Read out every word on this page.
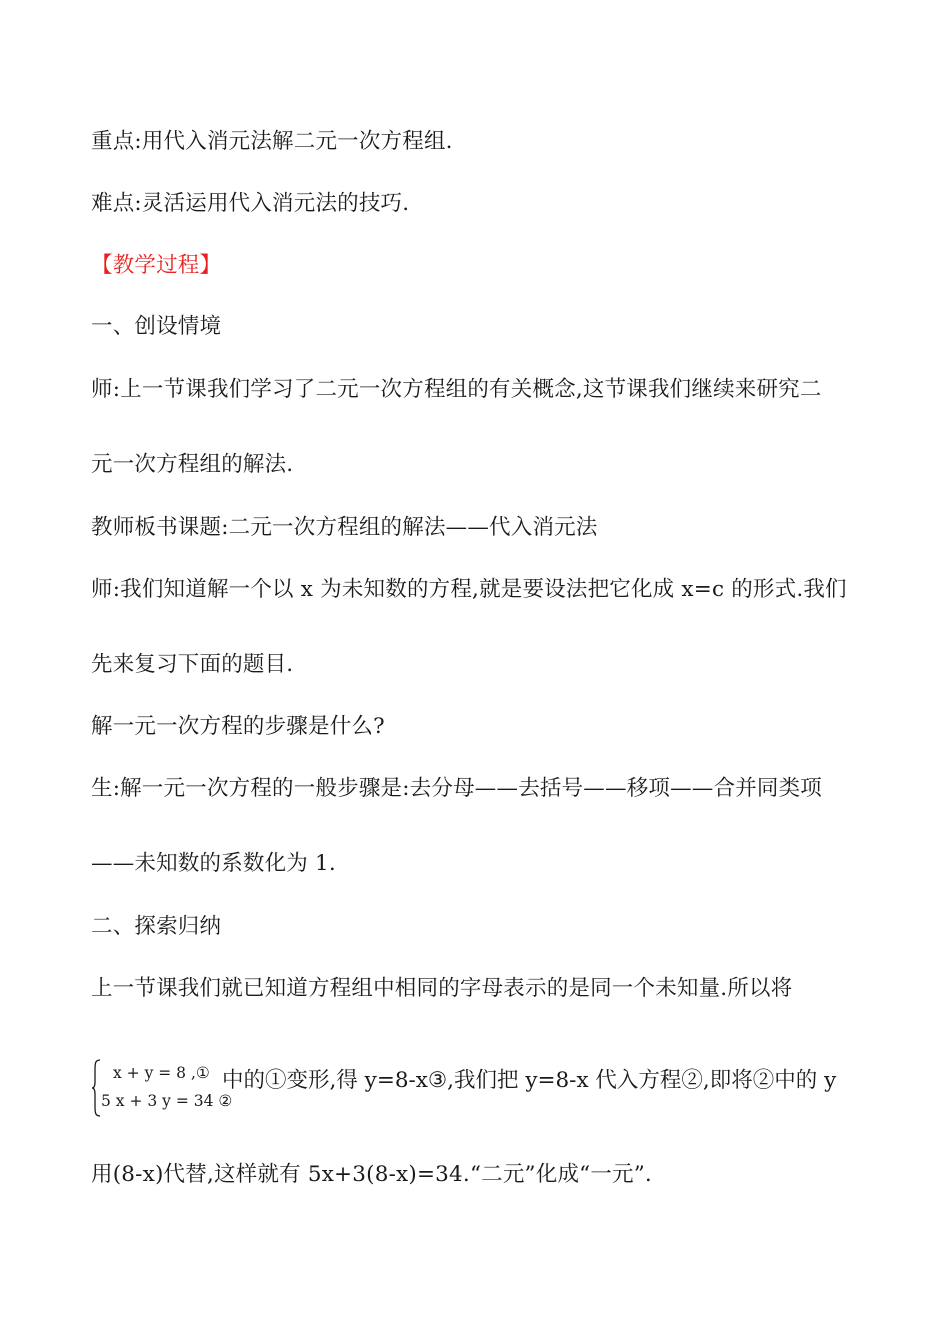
重点:用代入消元法解二元一次方程组.
难点:灵活运用代入消元法的技巧.
【教学过程】
一、创设情境
师:上一节课我们学习了二元一次方程组的有关概念,这节课我们继续来研究二
元一次方程组的解法.
教师板书课题:二元一次方程组的解法——代入消元法
师:我们知道解一个以 x 为未知数的方程,就是要设法把它化成 x=c 的形式.我们
先来复习下面的题目.
解一元一次方程的步骤是什么?
生:解一元一次方程的一般步骤是:去分母——去括号——移项——合并同类项
——未知数的系数化为 1.
二、探索归纳
上一节课我们就已知道方程组中相同的字母表示的是同一个未知量.所以将
x + y = 8 ,①
5 x + 3 y = 34 ②
中的①变形,得 y=8-x③,我们把 y=8-x 代入方程②,即将②中的 y
用(8-x)代替,这样就有 5x+3(8-x)=34.“二元”化成“一元”.
